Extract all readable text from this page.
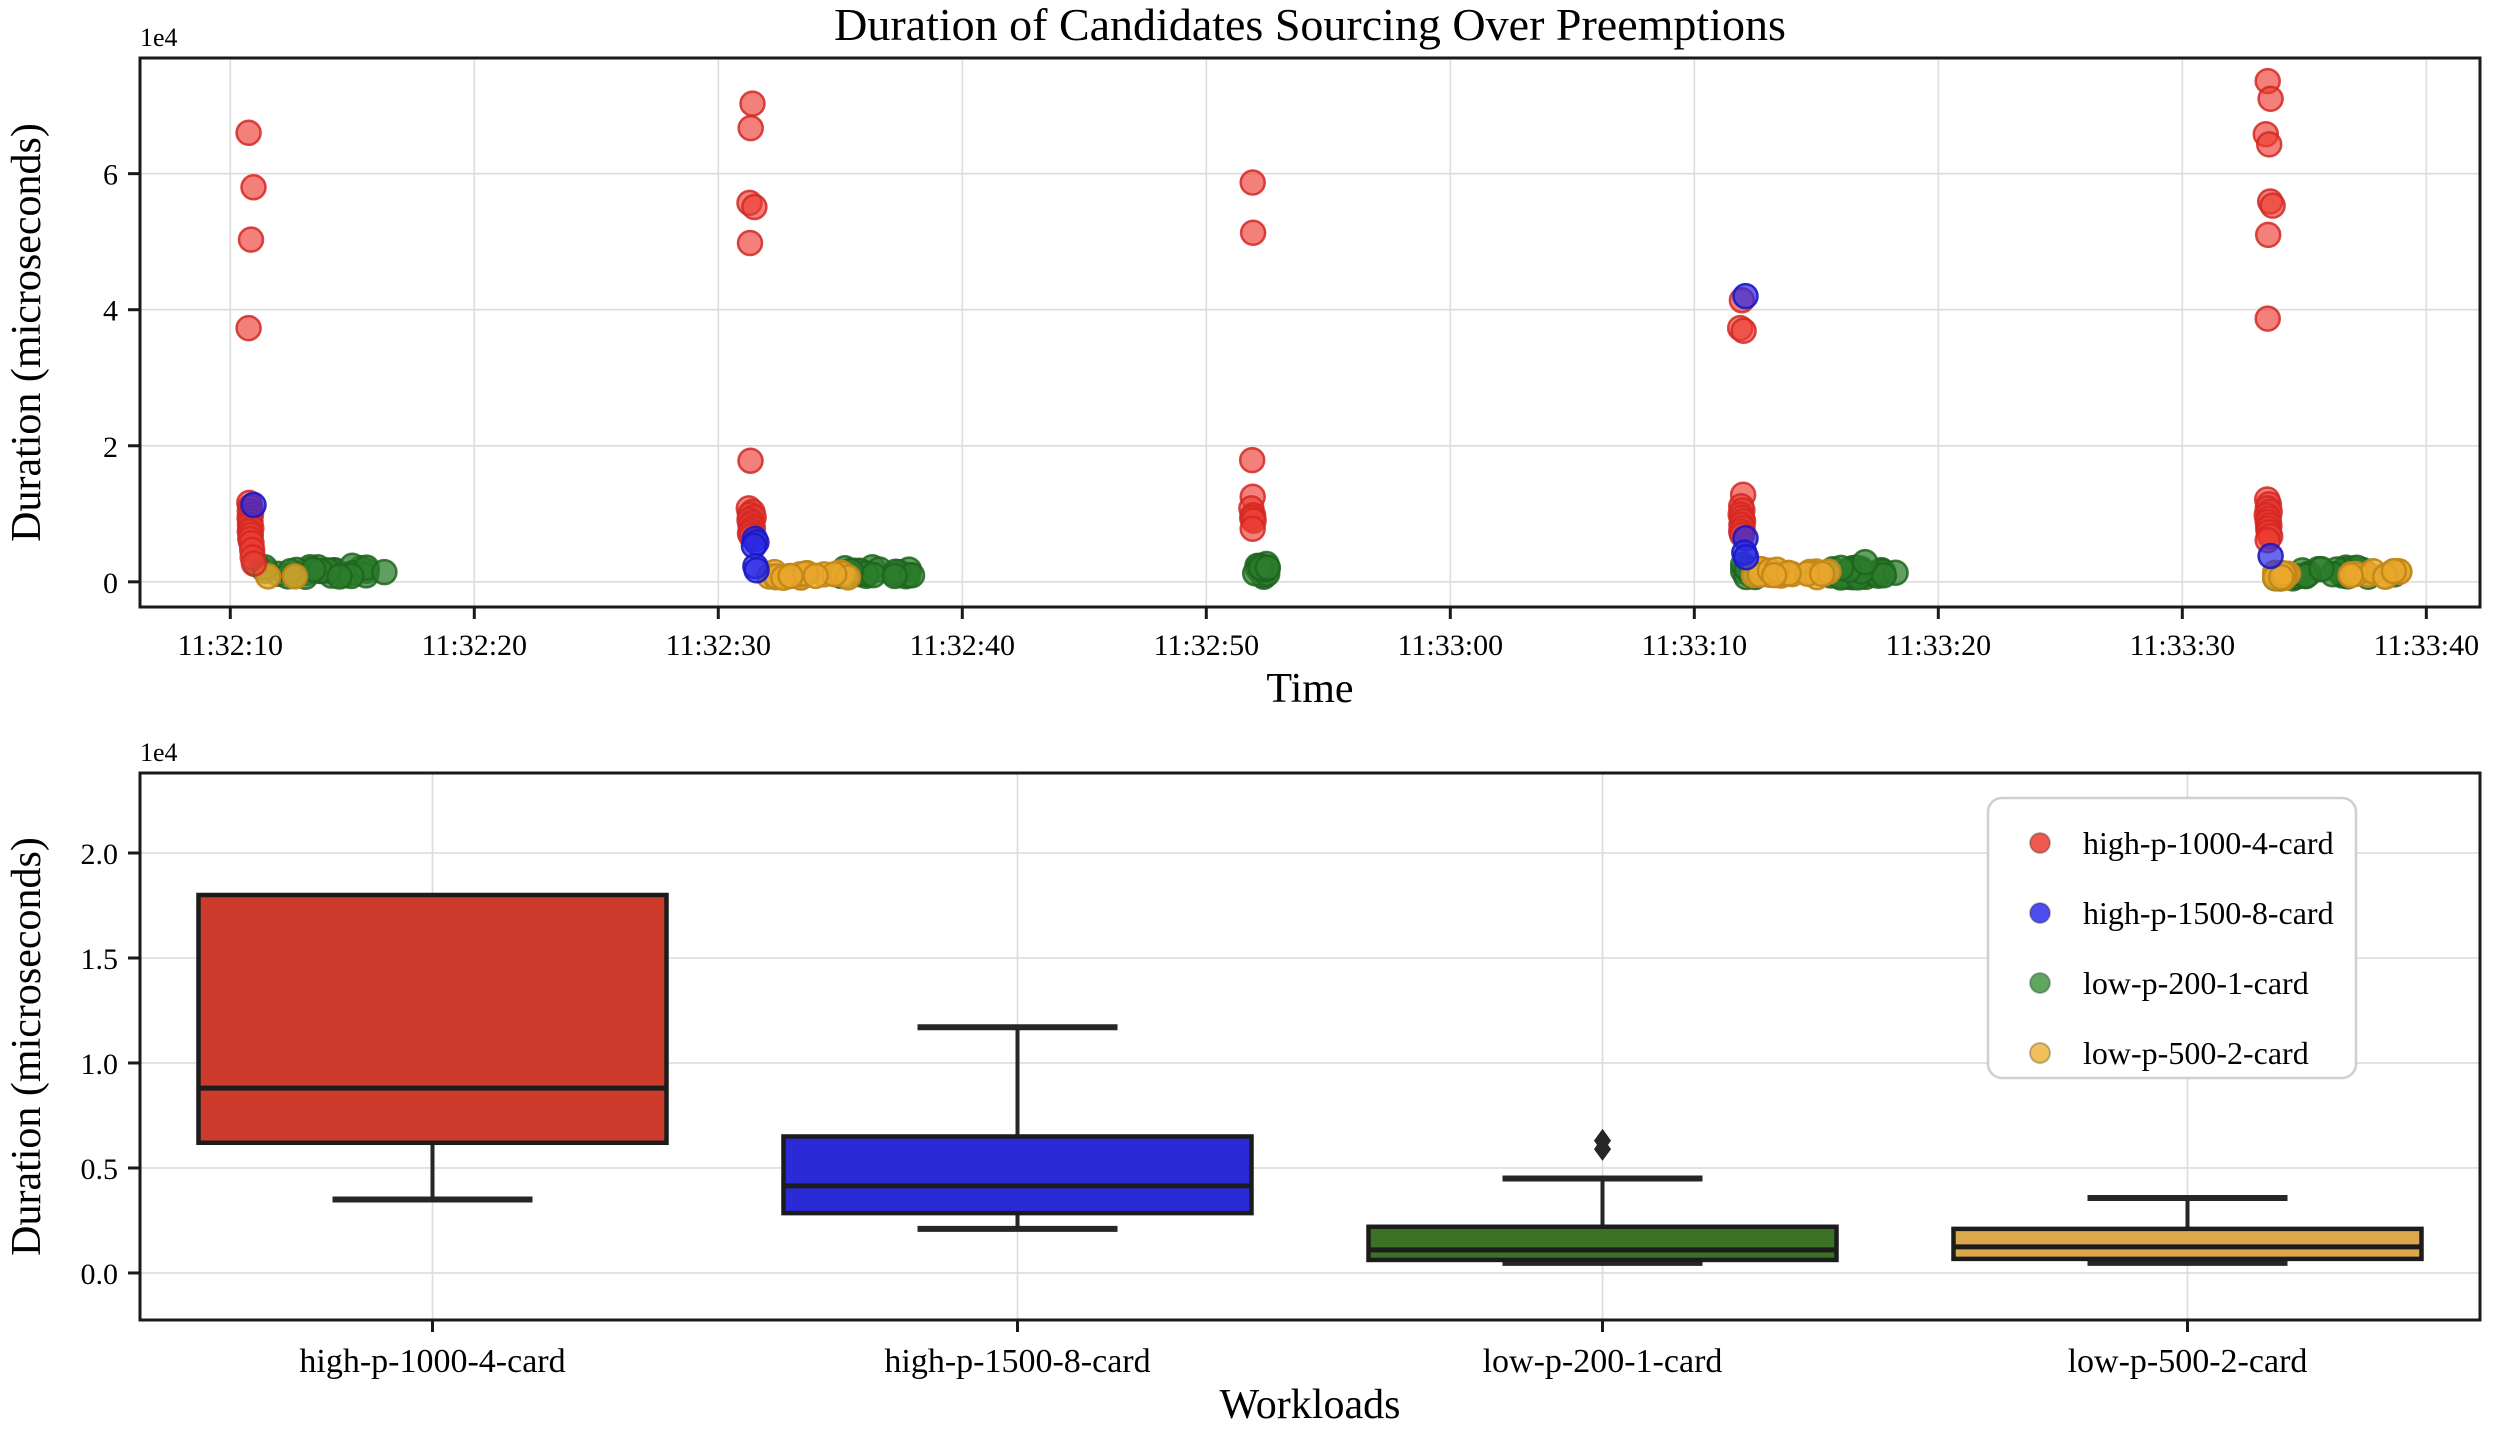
0
2
4
6
1e4
Duration (microseconds)
11:32:10	11:32:20	11:32:30	11:32:40	11:32:50	11:33:00	11:33:10	11:33:20	11:33:30	11:33:40
Time
Duration of Candidates Sourcing Over Preemptions
high-p-1000-4-card	high-p-1500-8-card	low-p-200-1-card	low-p-500-2-card
0.0
0.5
1.0
1.5
2.0
1e4
Duration (microseconds)
Workloads
high-p-1000-4-card
high-p-1500-8-card
low-p-200-1-card
low-p-500-2-card
